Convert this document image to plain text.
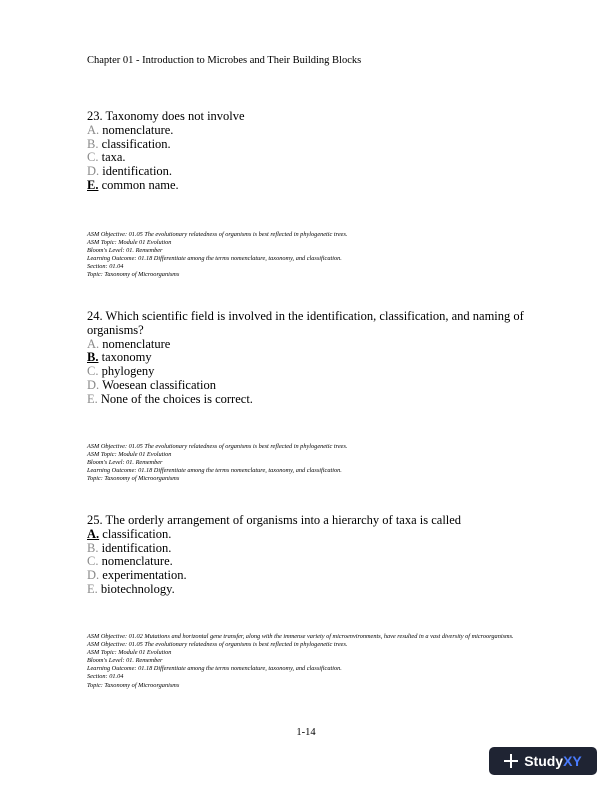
Chapter 01 - Introduction to Microbes and Their Building Blocks

23. Taxonomy does not involve

A. nomenclature.

B. classification.

C. taxa.

D. identification.

E. common name.

ASM Objective: 01.05 The evolutionary relatedness of organisms is best reflected in phylogenetic trees.
ASM Topic: Module 01 Evolution
Bloom's Level: 01. Remember
Learning Outcome: 01.18 Differentiate among the terms nomenclature, taxonomy, and classification.
Section: 01.04
Topic: Taxonomy of Microorganisms

24. Which scientific field is involved in the identification, classification, and naming of organisms?

A. nomenclature

B. taxonomy

C. phylogeny

D. Woesean classification

E. None of the choices is correct.

ASM Objective: 01.05 The evolutionary relatedness of organisms is best reflected in phylogenetic trees.
ASM Topic: Module 01 Evolution
Bloom's Level: 01. Remember
Learning Outcome: 01.18 Differentiate among the terms nomenclature, taxonomy, and classification.
Topic: Taxonomy of Microorganisms

25. The orderly arrangement of organisms into a hierarchy of taxa is called

A. classification.

B. identification.

C. nomenclature.

D. experimentation.

E. biotechnology.

ASM Objective: 01.02 Mutations and horizontal gene transfer, along with the immense variety of microenvironments, have resulted in a vast diversity of microorganisms.
ASM Objective: 01.05 The evolutionary relatedness of organisms is best reflected in phylogenetic trees.
ASM Topic: Module 01 Evolution
Bloom's Level: 01. Remember
Learning Outcome: 01.18 Differentiate among the terms nomenclature, taxonomy, and classification.
Section: 01.04
Topic: Taxonomy of Microorganisms
1-14
Study XY
